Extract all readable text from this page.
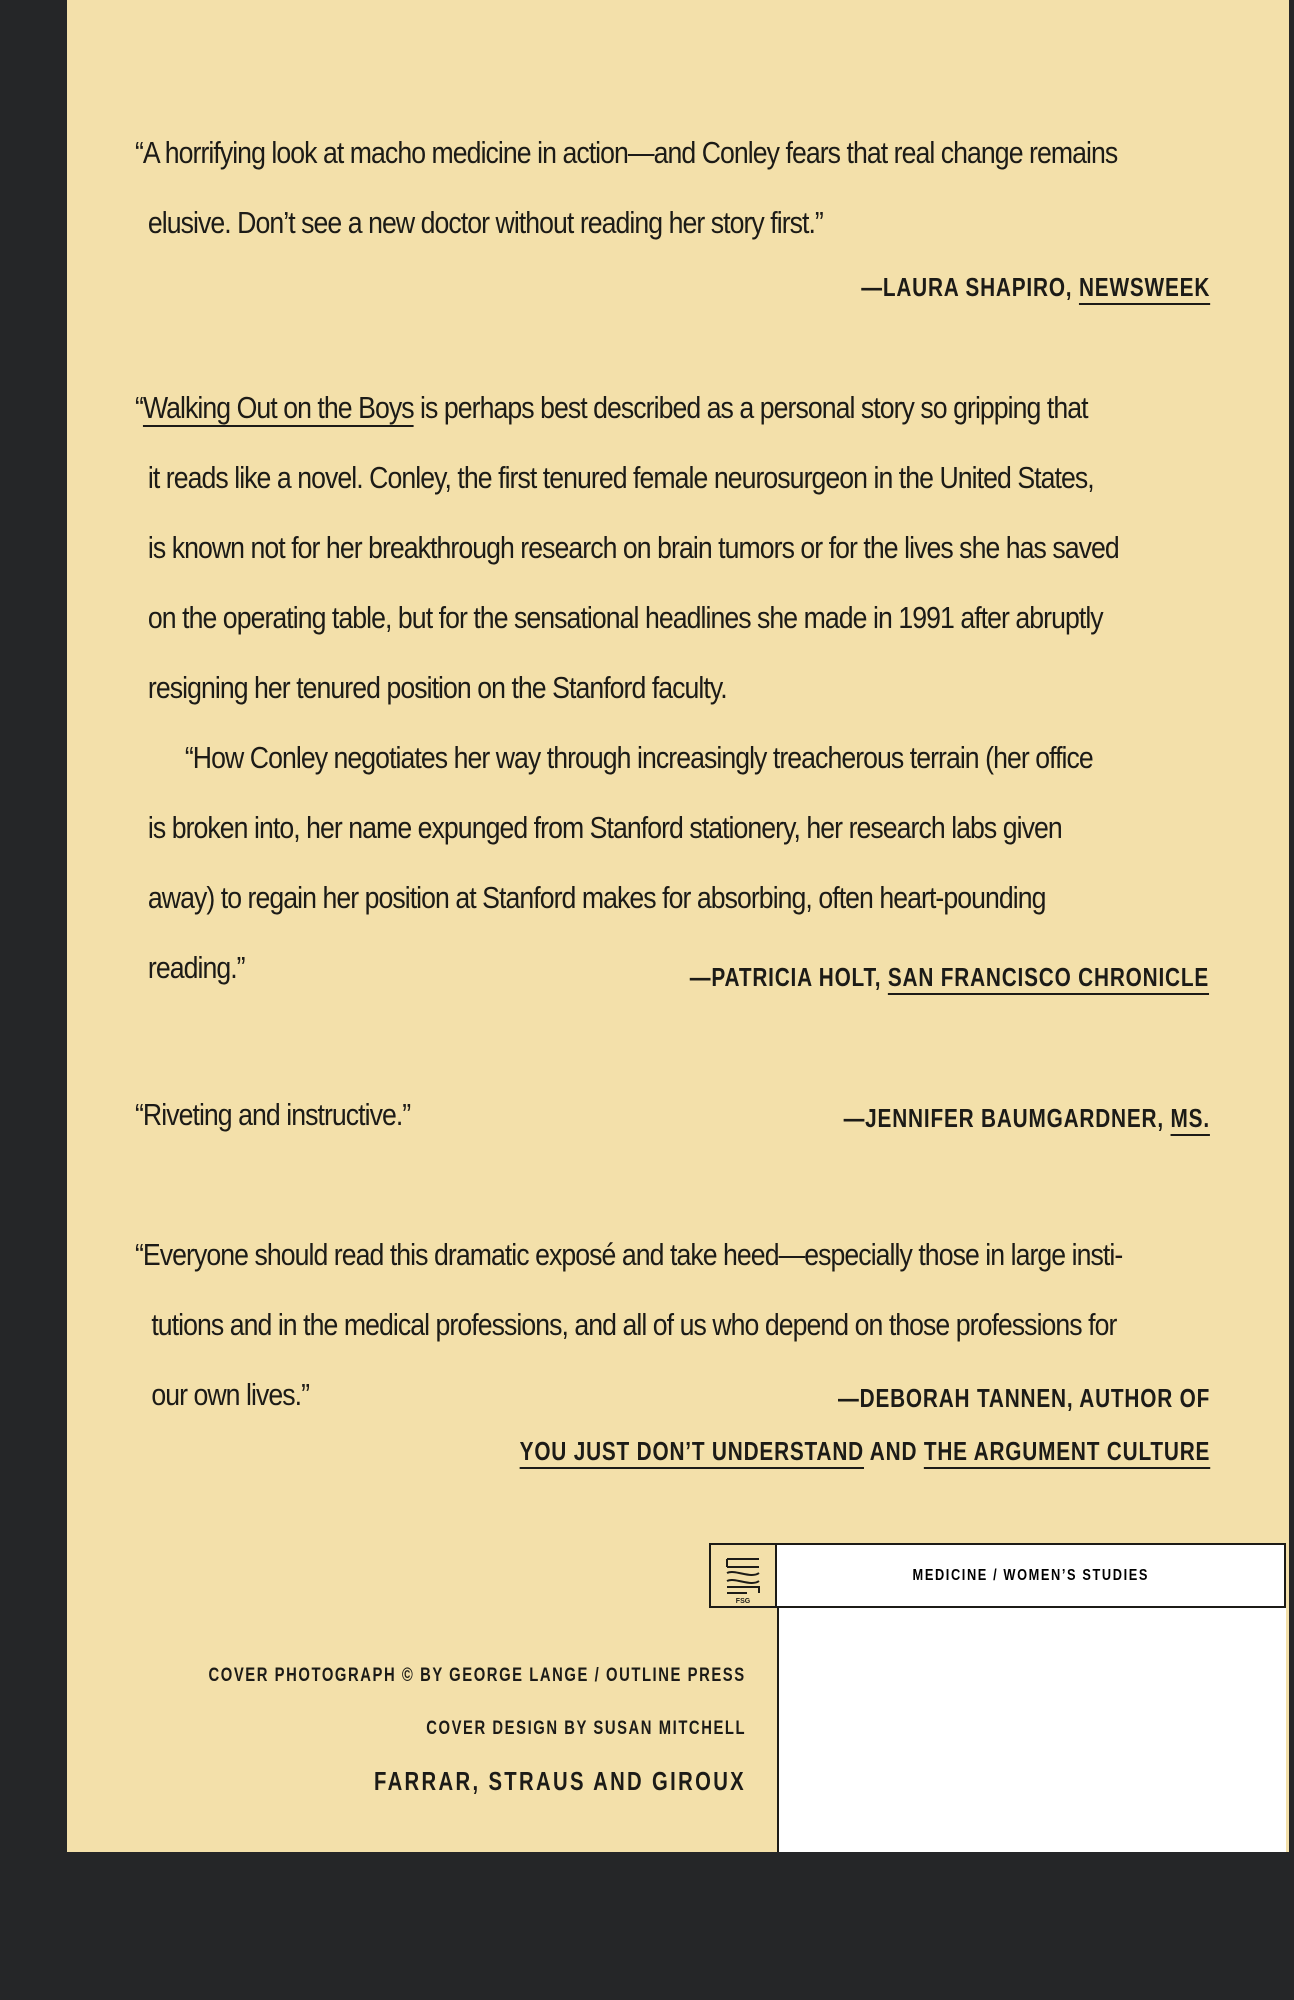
“A horrifying look at macho medicine in action—and Conley fears that real change remains
elusive. Don’t see a new doctor without reading her story first.”
—LAURA SHAPIRO, NEWSWEEK
“Walking Out on the Boys is perhaps best described as a personal story so gripping that
it reads like a novel. Conley, the first tenured female neurosurgeon in the United States,
is known not for her breakthrough research on brain tumors or for the lives she has saved
on the operating table, but for the sensational headlines she made in 1991 after abruptly
resigning her tenured position on the Stanford faculty.
“How Conley negotiates her way through increasingly treacherous terrain (her office
is broken into, her name expunged from Stanford stationery, her research labs given
away) to regain her position at Stanford makes for absorbing, often heart-pounding
reading.”	—PATRICIA HOLT, SAN FRANCISCO CHRONICLE
“Riveting and instructive.”	—JENNIFER BAUMGARDNER, MS.
“Everyone should read this dramatic exposé and take heed—especially those in large insti-
tutions and in the medical professions, and all of us who depend on those professions for
our own lives.”	—DEBORAH TANNEN, AUTHOR OF
YOU JUST DON’T UNDERSTAND AND THE ARGUMENT CULTURE
COVER PHOTOGRAPH © BY GEORGE LANGE / OUTLINE PRESS
COVER DESIGN BY SUSAN MITCHELL
FARRAR, STRAUS AND GIROUX
FSG
MEDICINE / WOMEN’S STUDIES
